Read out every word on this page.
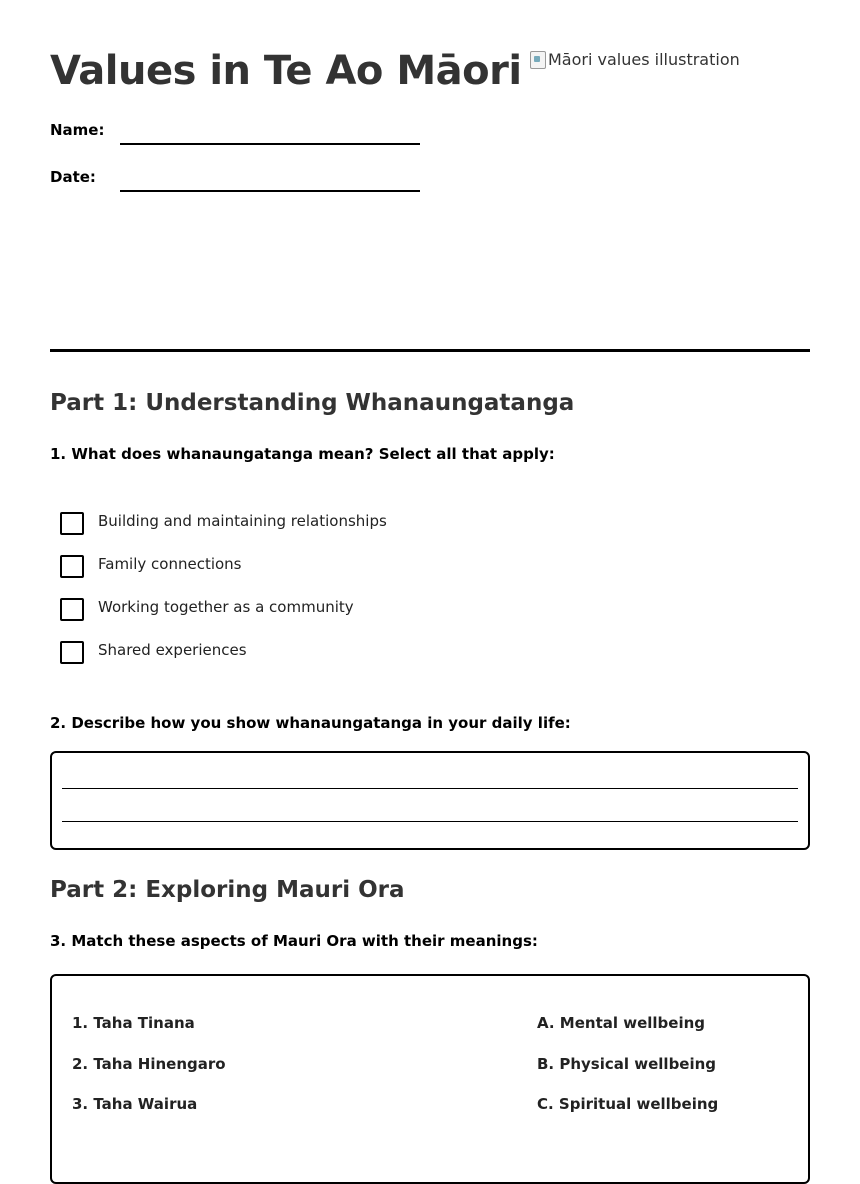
Values in Te Ao Māori
Name:
Date:
Māori values illustration
Part 1: Understanding Whanaungatanga

1. What does whanaungatanga mean? Select all that apply:

Building and maintaining relationships
Family connections
Working together as a community
Shared experiences

2. Describe how you show whanaungatanga in your daily life:

Part 2: Exploring Mauri Ora

3. Match these aspects of Mauri Ora with their meanings:

1. Taha Tinana
2. Taha Hinengaro
3. Taha Wairua
A. Mental wellbeing
B. Physical wellbeing
C. Spiritual wellbeing
